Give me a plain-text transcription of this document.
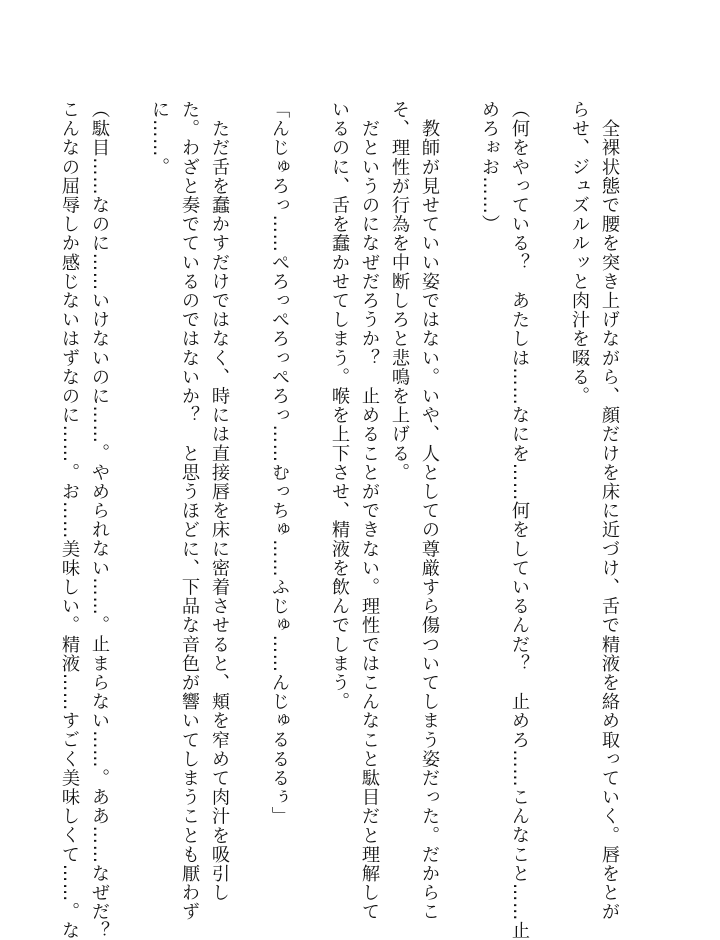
　全裸状態で腰を突き上げながら、顔だけを床に近づけ、舌で精液を絡め取っていく。唇をとが
らせ、ジュズルルッと肉汁を啜る。
（何をやっている？　あたしは……なにを……何をしているんだ？　止めろ……こんなこと……止
めろぉお……）
　教師が見せていい姿ではない。いや、人としての尊厳すら傷ついてしまう姿だった。だからこ
そ、理性が行為を中断しろと悲鳴を上げる。
　だというのになぜだろうか？　止めることができない。理性ではこんなこと駄目だと理解して
いるのに、舌を蠢かせてしまう。喉を上下させ、精液を飲んでしまう。
「んじゅろっ……ぺろっぺろっぺろっ……むっちゅ……ふじゅ……んじゅるるるぅ」
　ただ舌を蠢かすだけではなく、時には直接唇を床に密着させると、頬を窄めて肉汁を吸引し
た。わざと奏でているのではないか？　と思うほどに、下品な音色が響いてしまうことも厭わず
に……。
（駄目……なのに……いけないのに……。やめられない……。止まらない……。ああ……なぜだ？
こんなの屈辱しか感じないはずなのに……。お……美味しい。精液……すごく美味しくて……。な
